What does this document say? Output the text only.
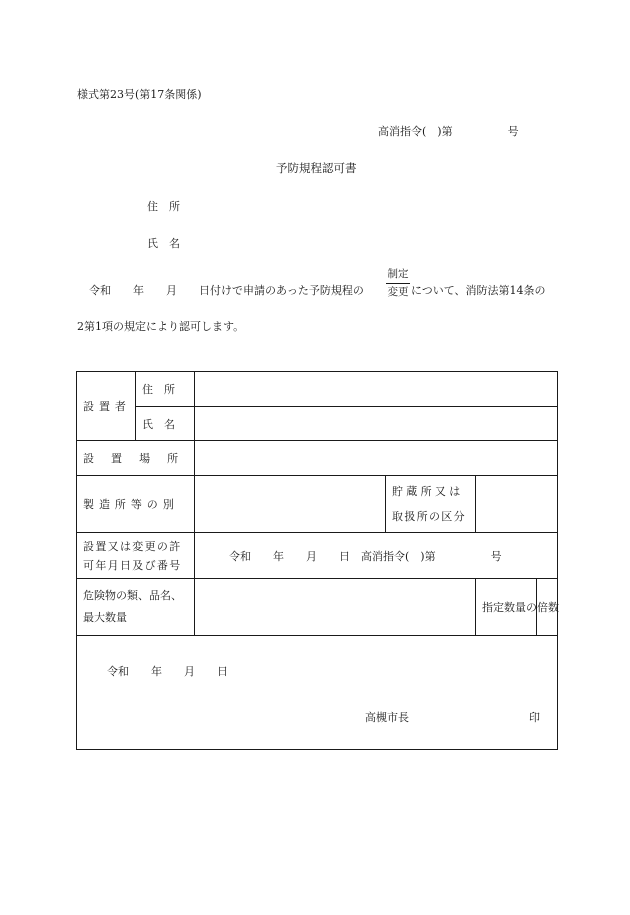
様式第23号(第17条関係)
高消指令(　)第　　　　　号
予防規程認可書
住　所
氏　名
令和　　年　　月　　日付けで申請のあった予防規程の
制定
変更 について、消防法第14条の
2第1項の規定により認可します。
設置者	住　所				
	氏　名				
設置場所					
製造所等の別			貯蔵所又は
取扱所の区分		

設置又は変更の許
可年月日及び番号		令和　　年　　月　　日　高消指令(　)第　　　　　号			

危険物の類、品名、
最大数量				指定数量の倍数	

令和　　年　　月　　日
高槻市長 印					
